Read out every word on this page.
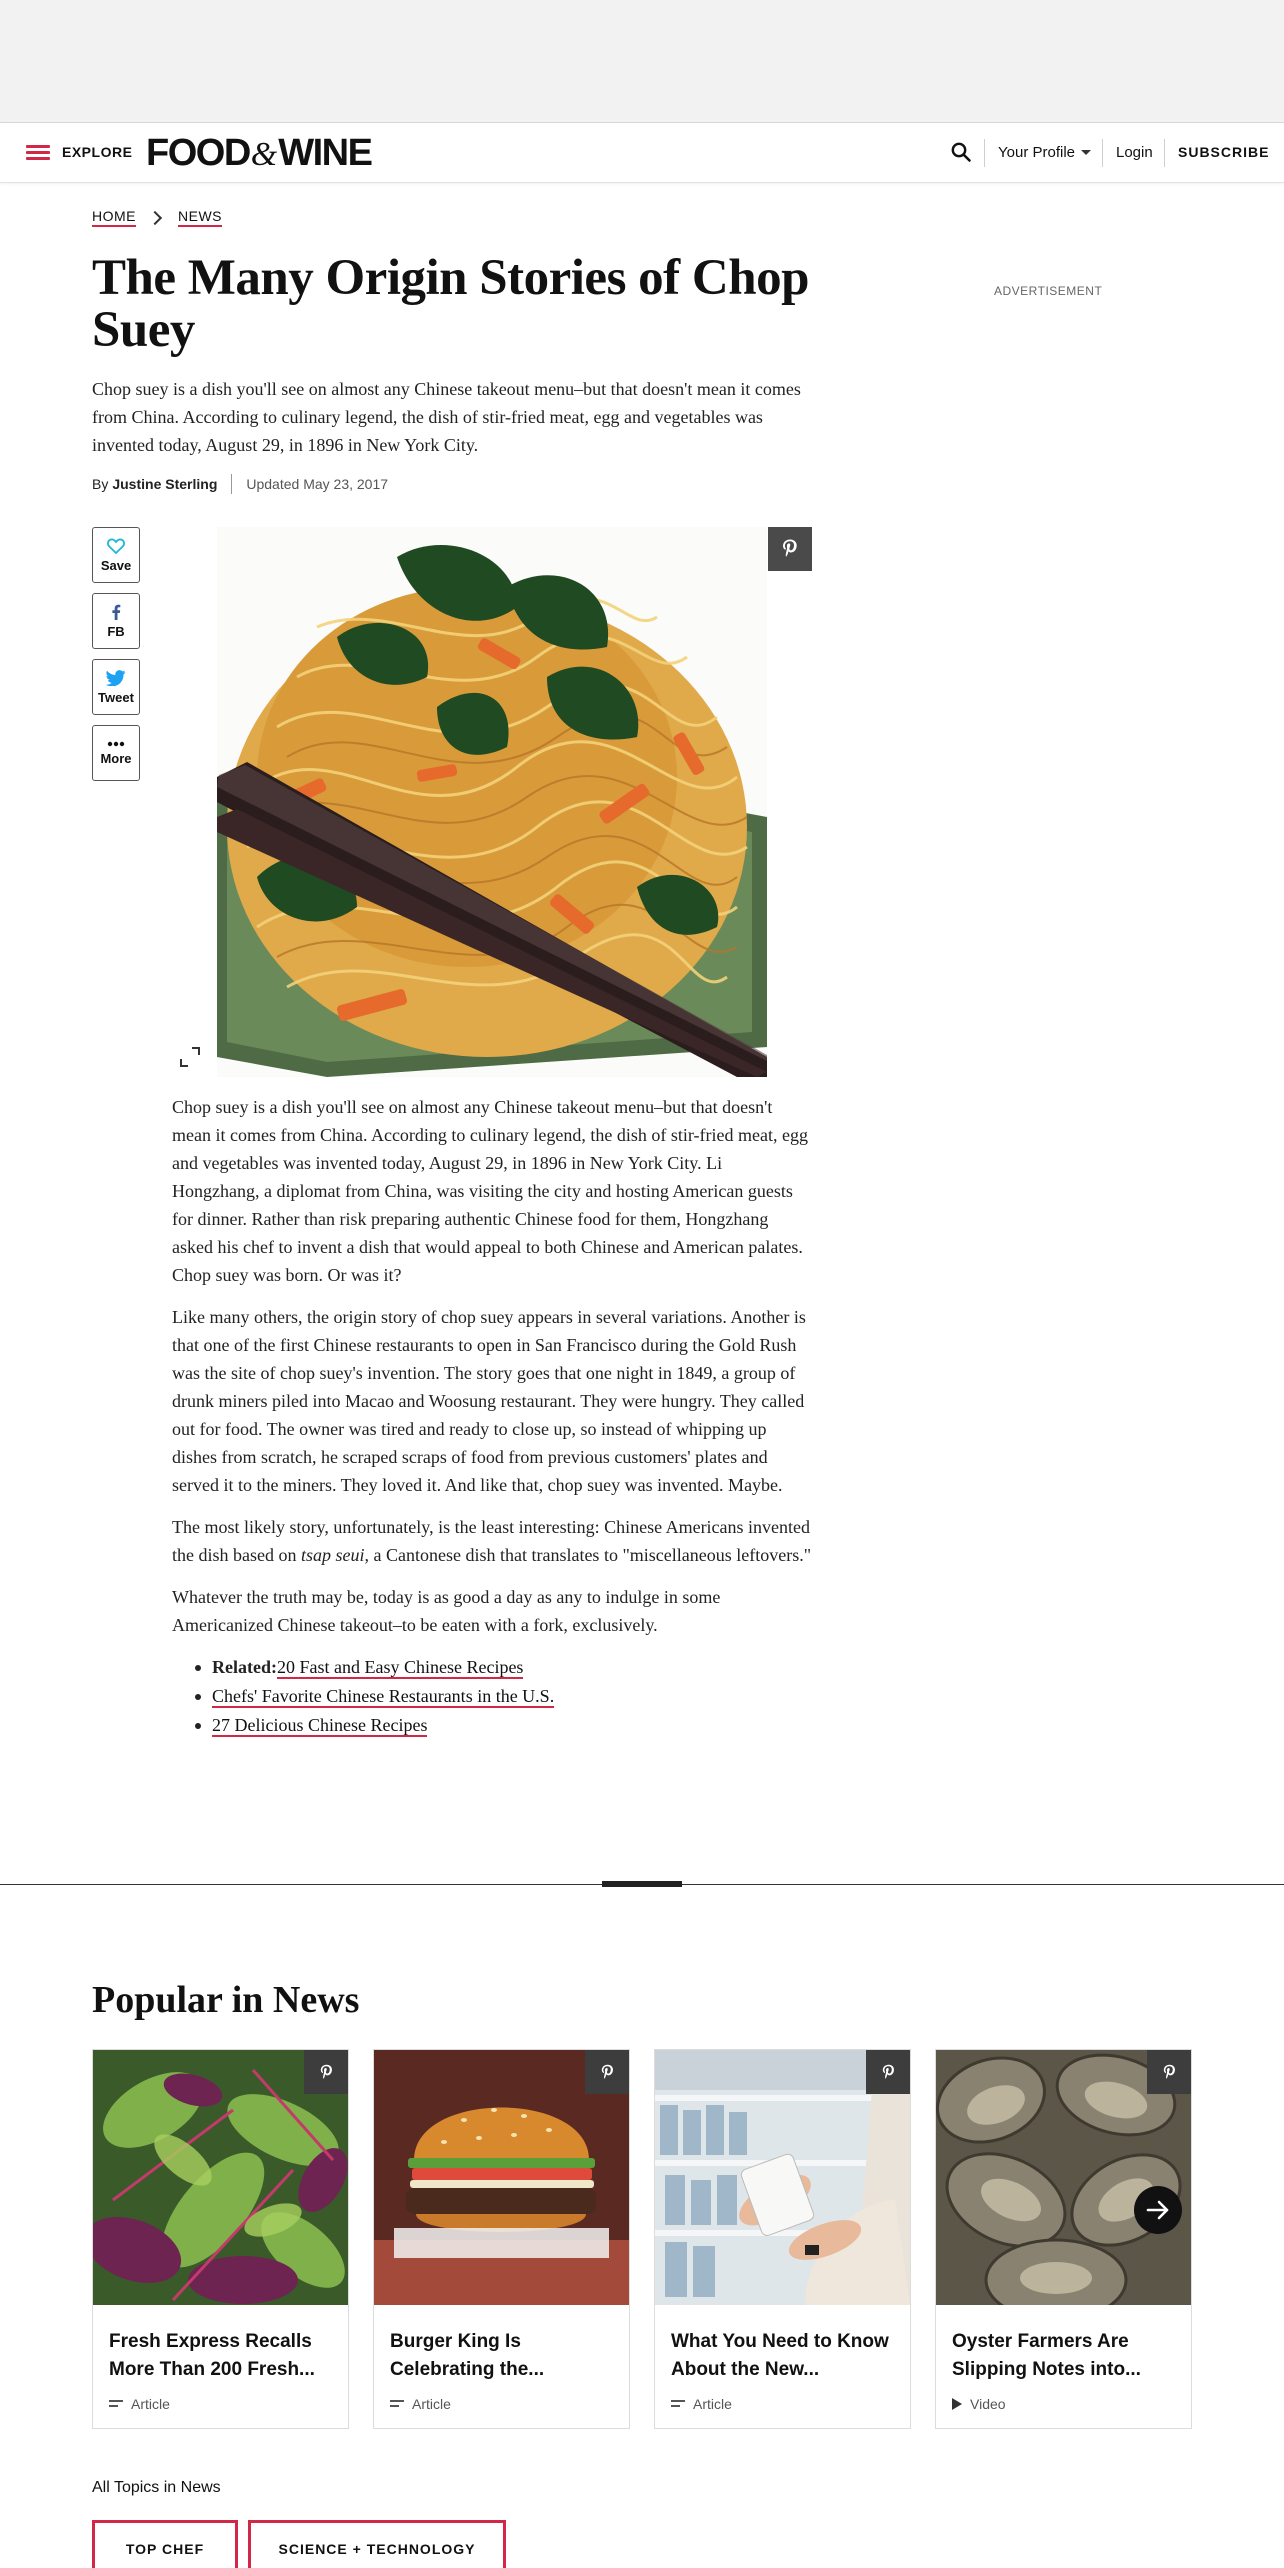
EXPLORE FOOD&WINE	Your Profile	Login SUBSCRIBE
HOME	NEWS
The Many Origin Stories of Chop Suey

Chop suey is a dish you'll see on almost any Chinese takeout menu–but that doesn't mean it comes from China. According to culinary legend, the dish of stir-fried meat, egg and vegetables was invented today, August 29, in 1896 in New York City.

By Justine Sterling Updated May 23, 2017
ADVERTISEMENT
Save
FB
Tweet
More

Chop suey is a dish you'll see on almost any Chinese takeout menu–but that doesn't mean it comes from China. According to culinary legend, the dish of stir-fried meat, egg and vegetables was invented today, August 29, in 1896 in New York City. Li Hongzhang, a diplomat from China, was visiting the city and hosting American guests for dinner. Rather than risk preparing authentic Chinese food for them, Hongzhang asked his chef to invent a dish that would appeal to both Chinese and American palates. Chop suey was born. Or was it?

Like many others, the origin story of chop suey appears in several variations. Another is that one of the first Chinese restaurants to open in San Francisco during the Gold Rush was the site of chop suey's invention. The story goes that one night in 1849, a group of drunk miners piled into Macao and Woosung restaurant. They were hungry. They called out for food. The owner was tired and ready to close up, so instead of whipping up dishes from scratch, he scraped scraps of food from previous customers' plates and served it to the miners. They loved it. And like that, chop suey was invented. Maybe.

The most likely story, unfortunately, is the least interesting: Chinese Americans invented the dish based on tsap seui, a Cantonese dish that translates to "miscellaneous leftovers."

Whatever the truth may be, today is as good a day as any to indulge in some Americanized Chinese takeout–to be eaten with a fork, exclusively.

Related:20 Fast and Easy Chinese Recipes
Chefs' Favorite Chinese Restaurants in the U.S.
27 Delicious Chinese Recipes
Popular in News
Fresh Express Recalls More Than 200 Fresh...
Article
Burger King Is Celebrating the...
Article
What You Need to Know About the New...
Article
Oyster Farmers Are Slipping Notes into...
Video
All Topics in News
TOP CHEF	SCIENCE + TECHNOLOGY
